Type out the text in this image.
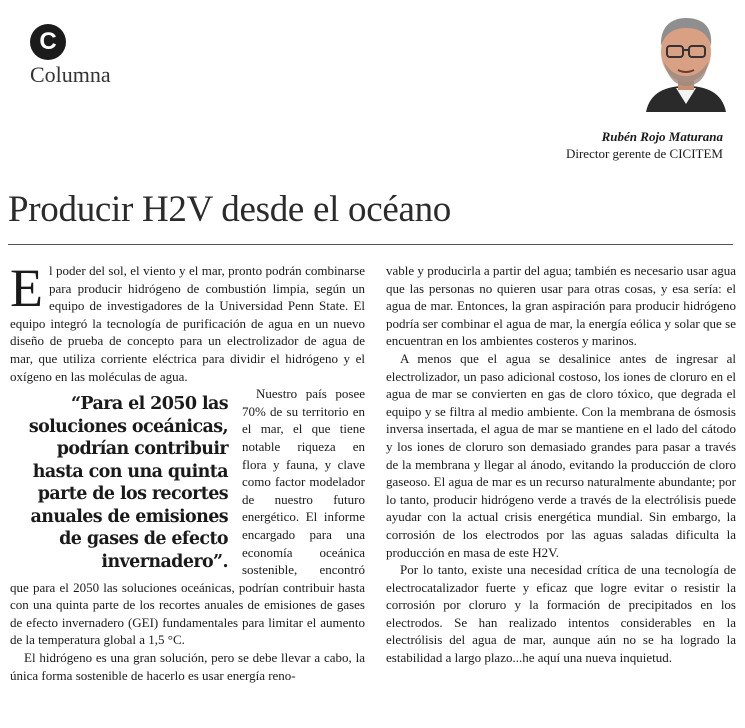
C
Columna
Rubén Rojo Maturana
Director gerente de CICITEM
Producir H2V desde el océano

E l poder del sol, el viento y el mar, pronto podrán combinarse para producir hidrógeno de combustión limpia, según un equipo de investigadores de la Universidad Penn State. El equipo integró la tecnología de purificación de agua en un nuevo diseño de prueba de concepto para un electrolizador de agua de mar, que utiliza corriente eléctrica para dividir el hidrógeno y el oxígeno en las moléculas de agua.

“Para el 2050 las soluciones oceánicas, podrían contribuir hasta con una quinta parte de los recortes anuales de emisiones de gases de efecto invernadero”.

Nuestro país posee 70% de su territorio en el mar, el que tiene notable riqueza en flora y fauna, y clave como factor modelador de nuestro futuro energético. El informe encargado para una economía oceánica sostenible, encontró que para el 2050 las soluciones oceánicas, podrían contribuir hasta con una quinta parte de los recortes anuales de emisiones de gases de efecto invernadero (GEI) fundamentales para limitar el aumento de la temperatura global a 1,5 °C.

El hidrógeno es una gran solución, pero se debe llevar a cabo, la única forma sostenible de hacerlo es usar energía reno-

vable y producirla a partir del agua; también es necesario usar agua que las personas no quieren usar para otras cosas, y esa sería: el agua de mar. Entonces, la gran aspiración para producir hidrógeno podría ser combinar el agua de mar, la energía eólica y solar que se encuentran en los ambientes costeros y marinos.

A menos que el agua se desalinice antes de ingresar al electrolizador, un paso adicional costoso, los iones de cloruro en el agua de mar se convierten en gas de cloro tóxico, que degrada el equipo y se filtra al medio ambiente. Con la membrana de ósmosis inversa insertada, el agua de mar se mantiene en el lado del cátodo y los iones de cloruro son demasiado grandes para pasar a través de la membrana y llegar al ánodo, evitando la producción de cloro gaseoso. El agua de mar es un recurso naturalmente abundante; por lo tanto, producir hidrógeno verde a través de la electrólisis puede ayudar con la actual crisis energética mundial. Sin embargo, la corrosión de los electrodos por las aguas saladas dificulta la producción en masa de este H2V.

Por lo tanto, existe una necesidad crítica de una tecnología de electrocatalizador fuerte y eficaz que logre evitar o resistir la corrosión por cloruro y la formación de precipitados en los electrodos. Se han realizado intentos considerables en la electrólisis del agua de mar, aunque aún no se ha logrado la estabilidad a largo plazo...he aquí una nueva inquietud.
